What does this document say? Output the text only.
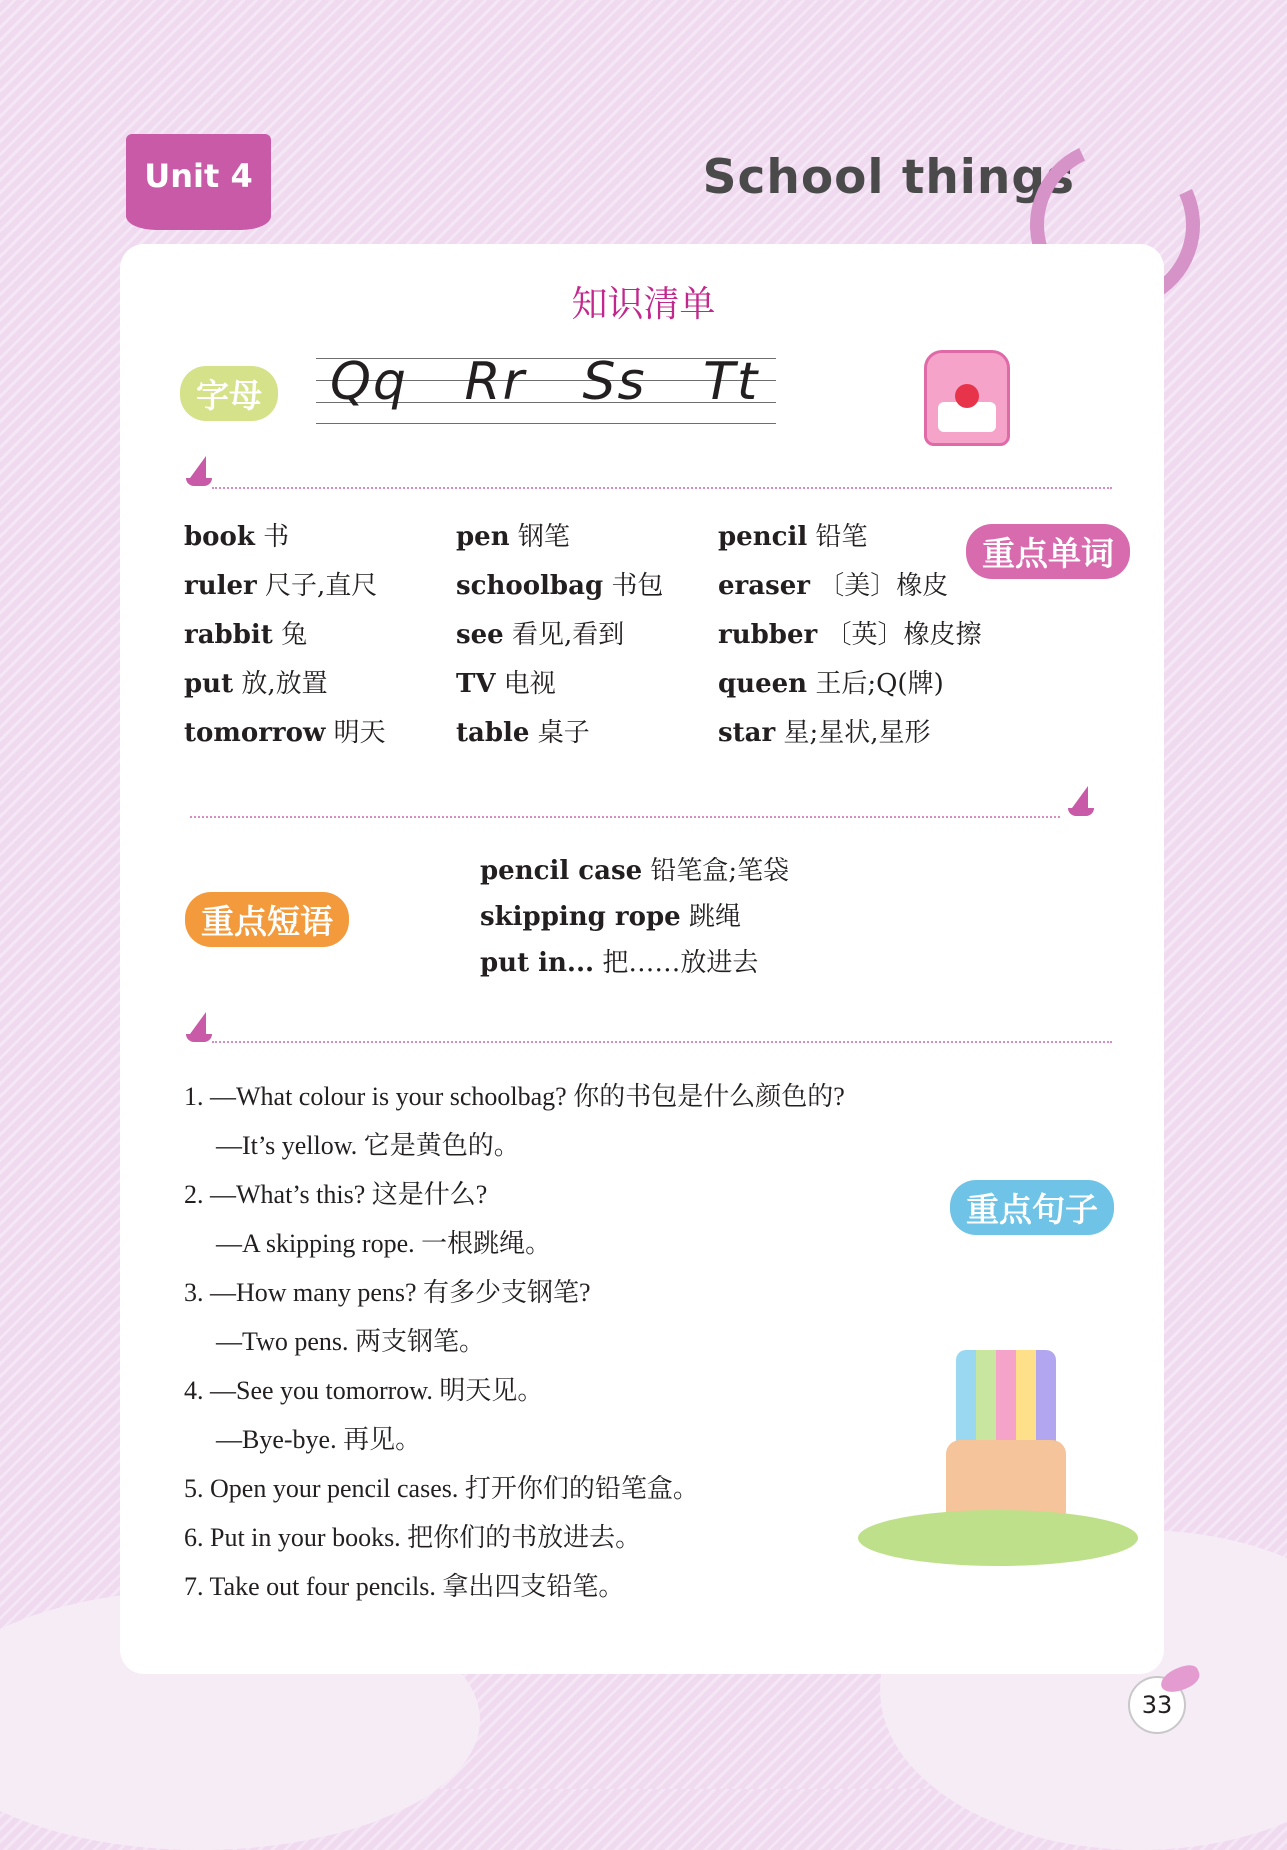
Unit 4	School things
知识清单
字母	Qq Rr Ss Tt
重点单词
book 书	pen 钢笔	pencil 铅笔
ruler 尺子,直尺	schoolbag 书包	eraser 〔美〕橡皮
rabbit 兔	see 看见,看到	rubber 〔英〕橡皮擦
put 放,放置	TV 电视	queen 王后;Q(牌)
tomorrow 明天	table 桌子	star 星;星状,星形
重点短语
pencil case 铅笔盒;笔袋
skipping rope 跳绳
put in... 把……放进去
重点句子
1. —What colour is your schoolbag? 你的书包是什么颜色的?
—It’s yellow. 它是黄色的。
2. —What’s this? 这是什么?
—A skipping rope. 一根跳绳。
3. —How many pens? 有多少支钢笔?
—Two pens. 两支钢笔。
4. —See you tomorrow. 明天见。
—Bye-bye. 再见。
5. Open your pencil cases. 打开你们的铅笔盒。
6. Put in your books. 把你们的书放进去。
7. Take out four pencils. 拿出四支铅笔。
33
